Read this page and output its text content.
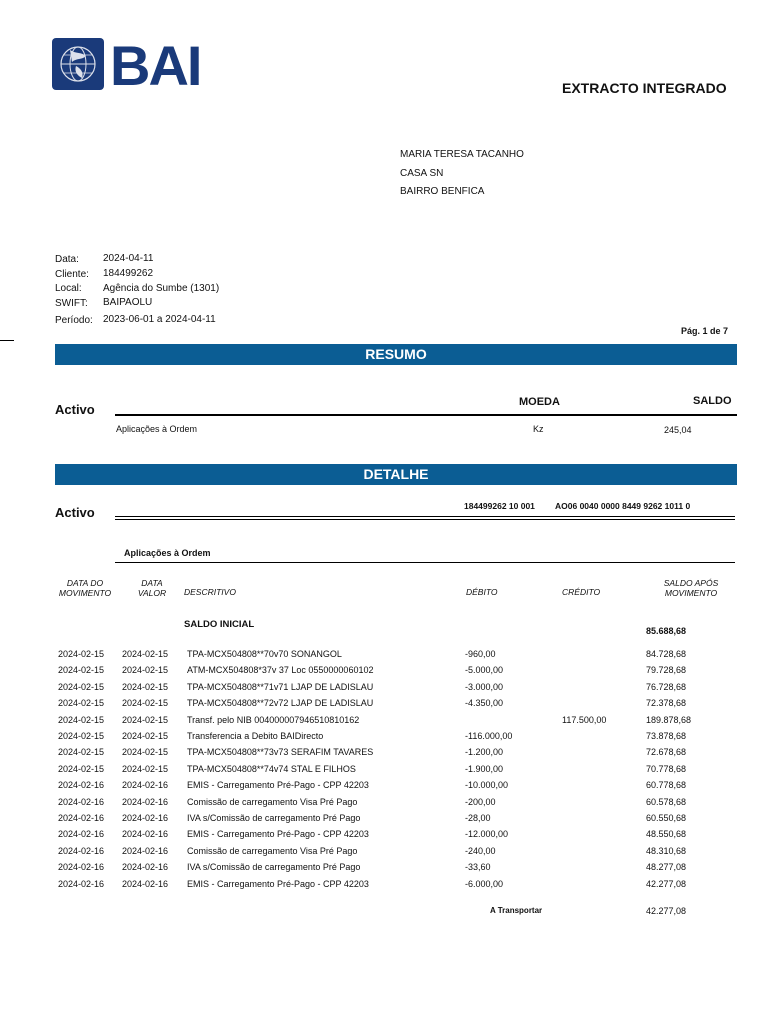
BAI	EXTRACTO INTEGRADO
MARIA TERESA TACANHO
CASA SN
BAIRRO BENFICA
Data: 2024-04-11
Cliente: 184499262
Local: Agência do Sumbe (1301)
SWIFT: BAIPAOLU
Período: 2023-06-01 a 2024-04-11
Pág. 1 de 7
RESUMO
Activo	MOEDA	SALDO
Aplicações à Ordem	Kz	245,04
DETALHE
Activo	184499262 10 001 AO06 0040 0000 8449 9262 1011 0
Aplicações à Ordem
DATA DO MOVIMENTO
DATA VALOR	DESCRITIVO	DÉBITO	CRÉDITO
SALDO APÓS MOVIMENTO
SALDO INICIAL
85.688,68
2024-02-15 2024-02-15 TPA-MCX504808**70v70 SONANGOL	-960,00	84.728,68
2024-02-15 2024-02-15 ATM-MCX504808*37v 37 Loc 0550000060102	-5.000,00	79.728,68
2024-02-15 2024-02-15 TPA-MCX504808**71v71 LJAP DE LADISLAU	-3.000,00	76.728,68
2024-02-15 2024-02-15 TPA-MCX504808**72v72 LJAP DE LADISLAU	-4.350,00	72.378,68
2024-02-15 2024-02-15 Transf. pelo NIB 004000007946510810162	117.500,00	189.878,68
2024-02-15 2024-02-15 Transferencia a Debito BAIDirecto	-116.000,00	73.878,68
2024-02-15 2024-02-15 TPA-MCX504808**73v73 SERAFIM TAVARES	-1.200,00	72.678,68
2024-02-15 2024-02-15 TPA-MCX504808**74v74 STAL E FILHOS	-1.900,00	70.778,68
2024-02-16 2024-02-16 EMIS - Carregamento Pré-Pago - CPP 42203	-10.000,00	60.778,68
2024-02-16 2024-02-16 Comissão de carregamento Visa Pré Pago	-200,00	60.578,68
2024-02-16 2024-02-16 IVA s/Comissão de carregamento Pré Pago	-28,00	60.550,68
2024-02-16 2024-02-16 EMIS - Carregamento Pré-Pago - CPP 42203	-12.000,00	48.550,68
2024-02-16 2024-02-16 Comissão de carregamento Visa Pré Pago	-240,00	48.310,68
2024-02-16 2024-02-16 IVA s/Comissão de carregamento Pré Pago	-33,60	48.277,08
2024-02-16 2024-02-16 EMIS - Carregamento Pré-Pago - CPP 42203	-6.000,00	42.277,08
A Transportar	42.277,08
